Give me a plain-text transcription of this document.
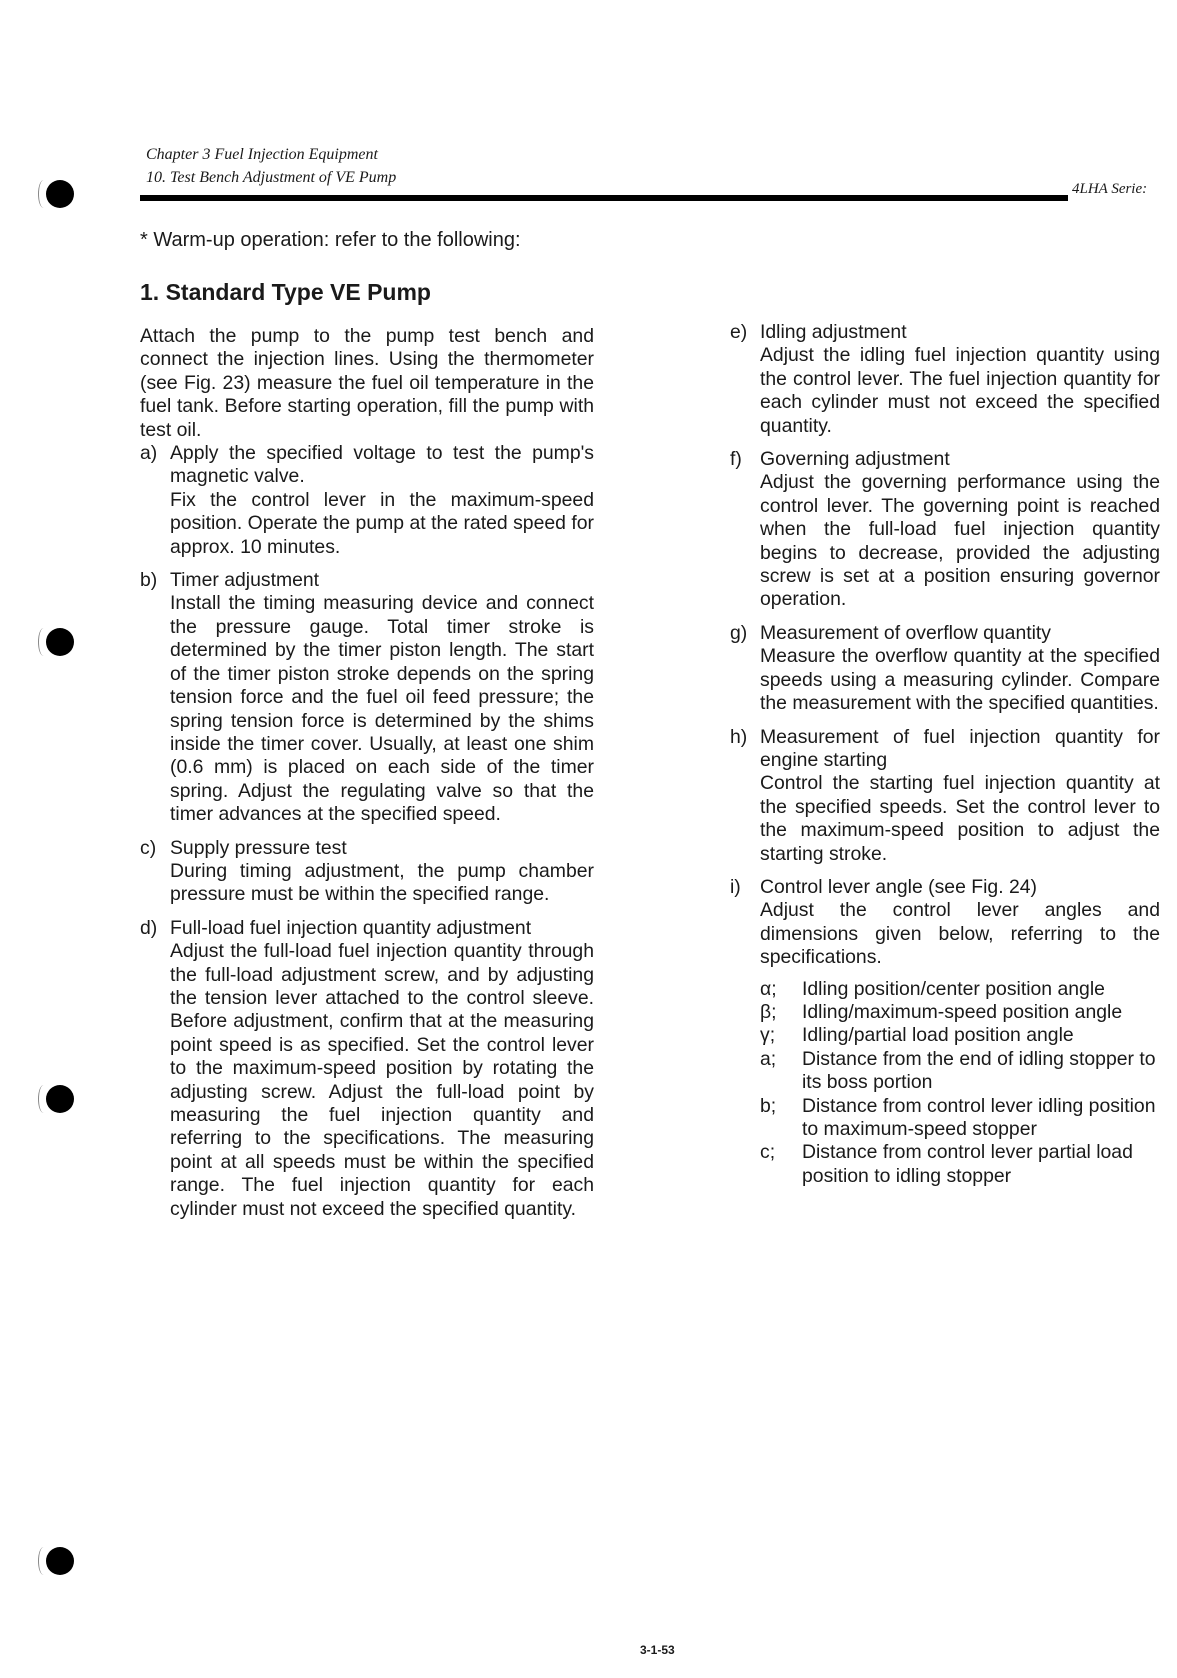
Chapter 3 Fuel Injection Equipment
10. Test Bench Adjustment of VE Pump
4LHA Serie:
* Warm-up operation: refer to the following:
1. Standard Type VE Pump

Attach the pump to the pump test bench and connect the injection lines. Using the thermometer (see Fig. 23) measure the fuel oil temperature in the fuel tank. Before starting operation, fill the pump with test oil.

a) Apply the specified voltage to test the pump's magnetic valve.

Fix the control lever in the maximum-speed position. Operate the pump at the rated speed for approx. 10 minutes.

b) Timer adjustment

Install the timing measuring device and connect the pressure gauge. Total timer stroke is determined by the timer piston length. The start of the timer piston stroke depends on the spring tension force and the fuel oil feed pressure; the spring tension force is determined by the shims inside the timer cover. Usually, at least one shim (0.6 mm) is placed on each side of the timer spring. Adjust the regulating valve so that the timer advances at the specified speed.

c) Supply pressure test

During timing adjustment, the pump chamber pressure must be within the specified range.

d) Full-load fuel injection quantity adjustment

Adjust the full-load fuel injection quantity through the full-load adjustment screw, and by adjusting the tension lever attached to the control sleeve. Before adjustment, confirm that at the measuring point speed is as specified. Set the control lever to the maximum-speed position by rotating the adjusting screw. Adjust the full-load point by measuring the fuel injection quantity and referring to the specifications. The measuring point at all speeds must be within the specified range. The fuel injection quantity for each cylinder must not exceed the specified quantity.

e) Idling adjustment

Adjust the idling fuel injection quantity using the control lever. The fuel injection quantity for each cylinder must not exceed the specified quantity.

f) Governing adjustment

Adjust the governing performance using the control lever. The governing point is reached when the full-load fuel injection quantity begins to decrease, provided the adjusting screw is set at a position ensuring governor operation.

g) Measurement of overflow quantity

Measure the overflow quantity at the specified speeds using a measuring cylinder. Compare the measurement with the specified quantities.

h) Measurement of fuel injection quantity for engine starting

Control the starting fuel injection quantity at the specified speeds. Set the control lever to the maximum-speed position to adjust the starting stroke.

i) Control lever angle (see Fig. 24)

Adjust the control lever angles and dimensions given below, referring to the specifications.

α;	Idling position/center position angle
β;	Idling/maximum-speed position angle
γ;	Idling/partial load position angle
a;	Distance from the end of idling stopper to its boss portion
b;	Distance from control lever idling position to maximum-speed stopper
c;	Distance from control lever partial load position to idling stopper
3-1-53
